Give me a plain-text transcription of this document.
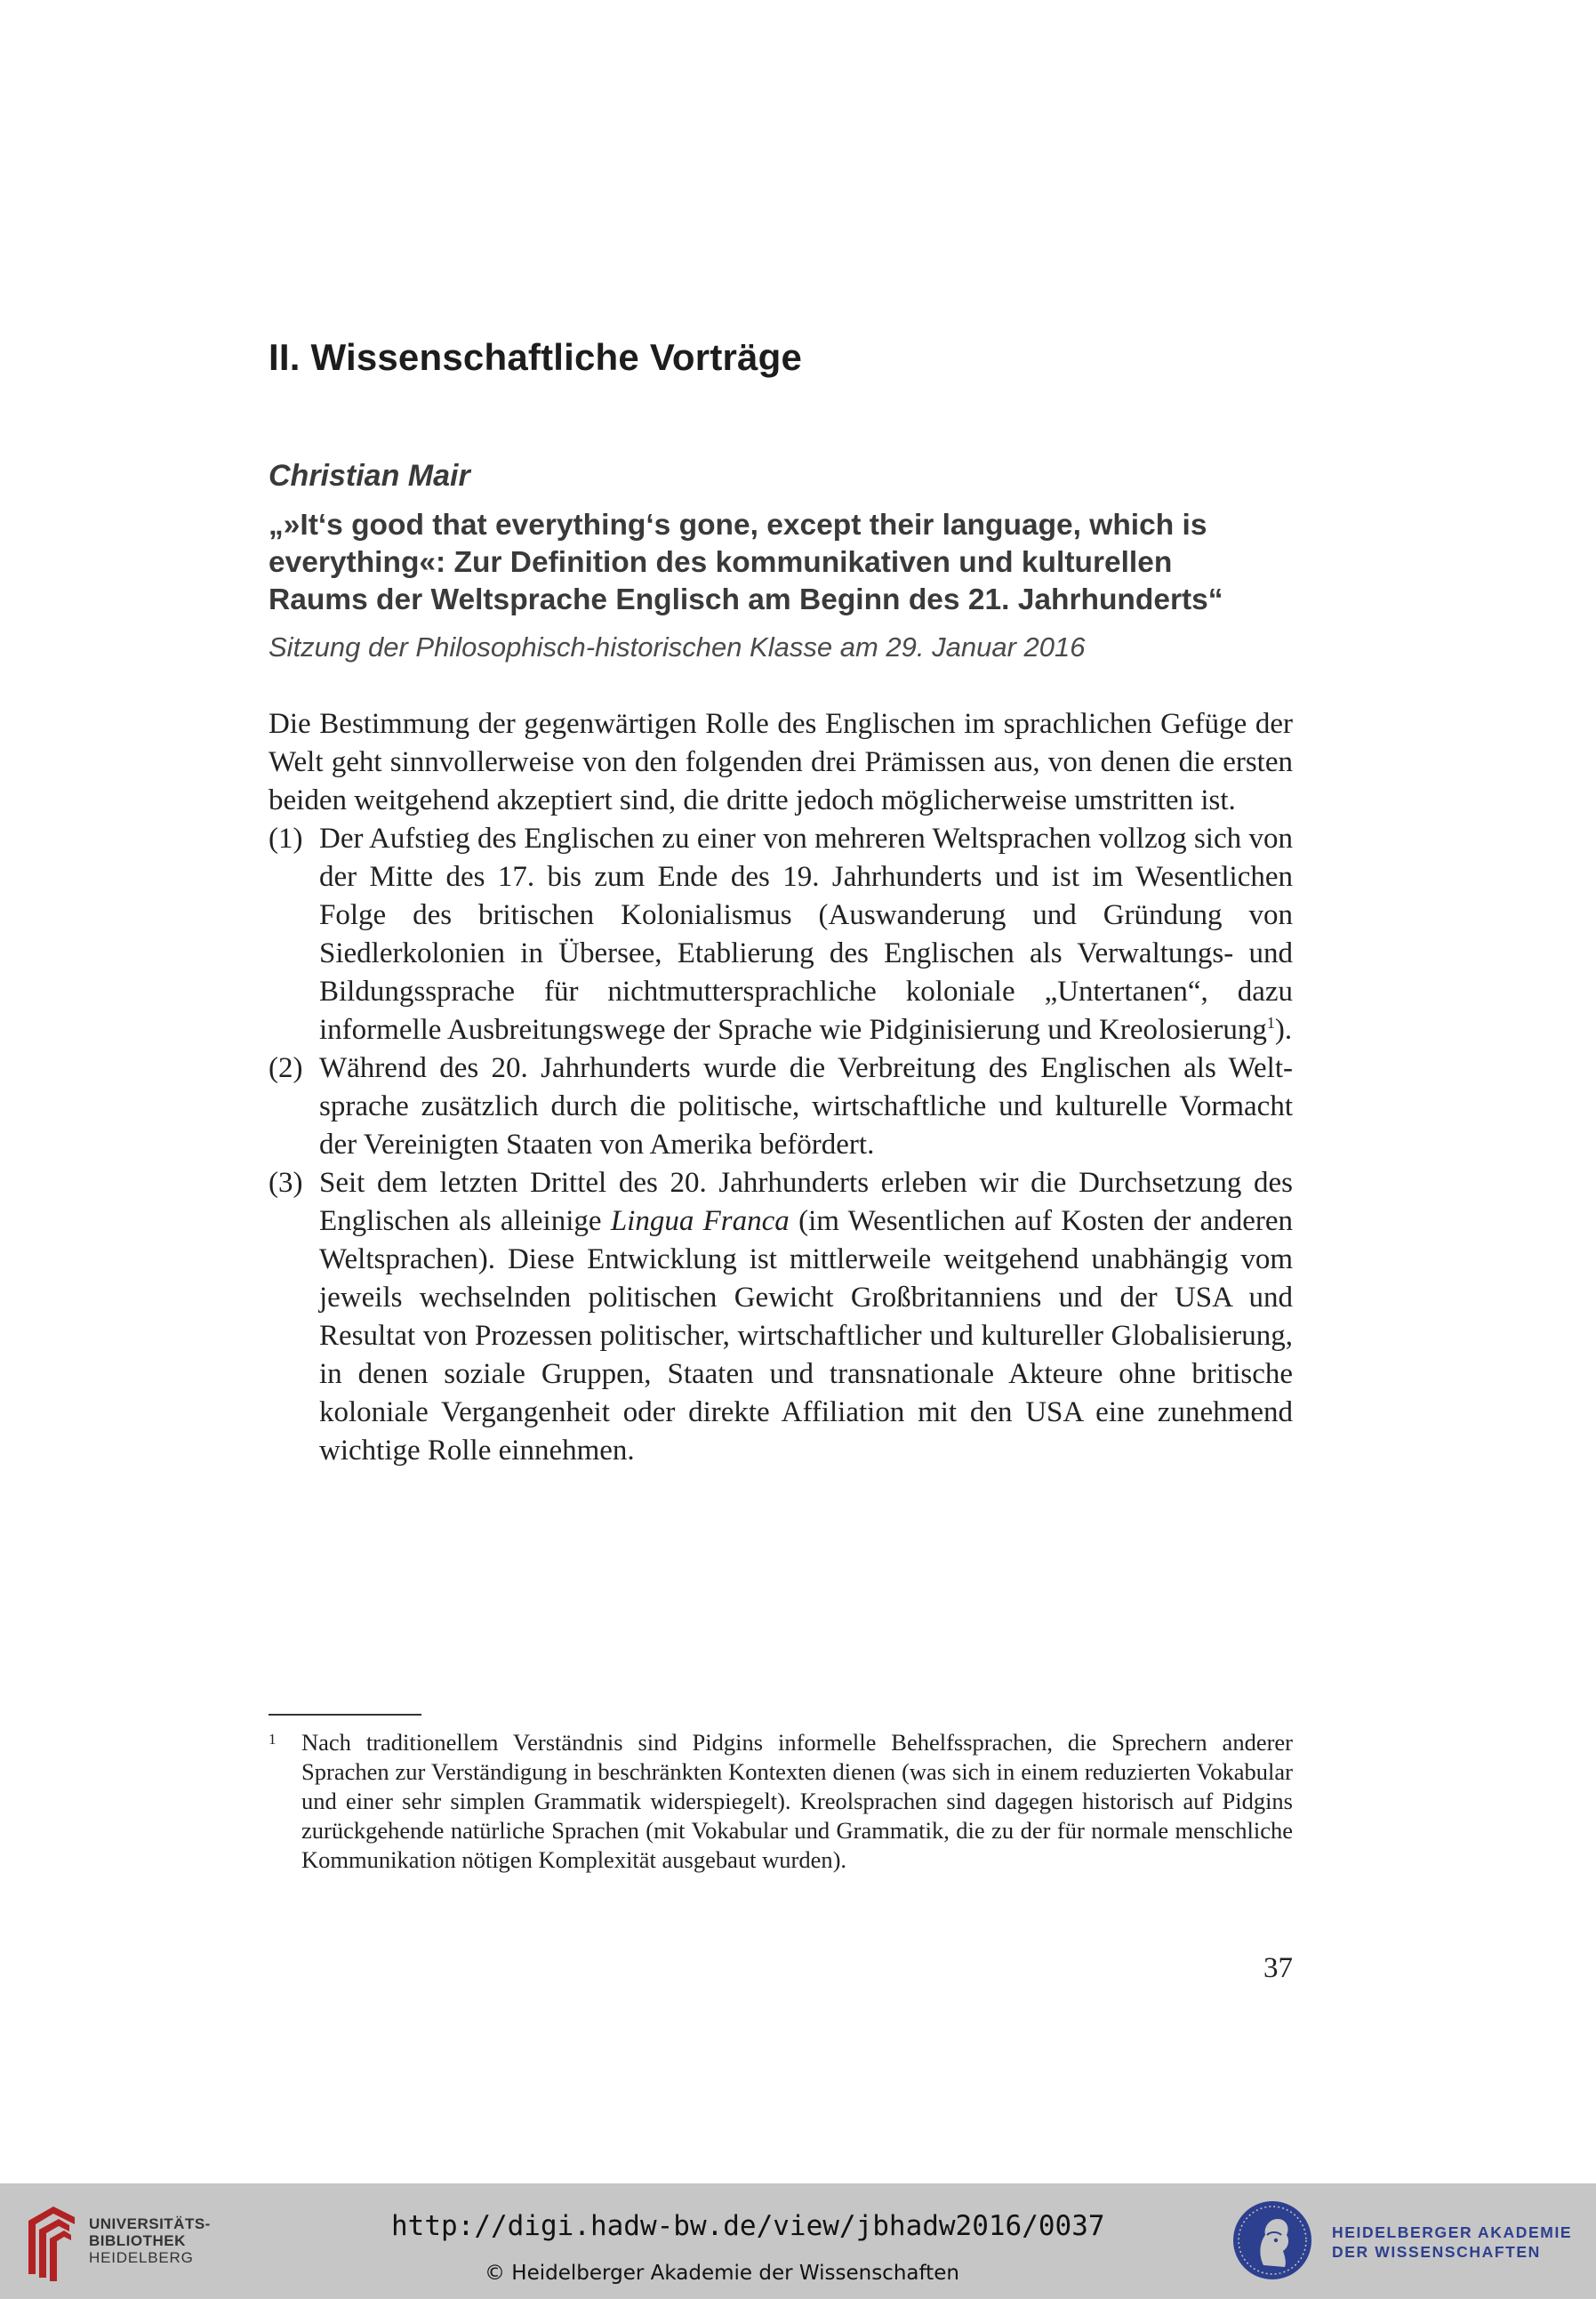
II. Wissenschaftliche Vorträge
Christian Mair
„»It‘s good that everything‘s gone, except their language, which is
everything«: Zur Definition des kommunikativen und kulturellen
Raums der Weltsprache Englisch am Beginn des 21. Jahrhunderts“

Sitzung der Philosophisch-historischen Klasse am 29. Januar 2016

Die Bestimmung der gegenwärtigen Rolle des Englischen im sprachlichen Gefüge der Welt geht sinnvollerweise von den folgenden drei Prämissen aus, von denen die ersten beiden weitgehend akzeptiert sind, die dritte jedoch möglicherweise umstritten ist.

(1) Der Aufstieg des Englischen zu einer von mehreren Weltsprachen vollzog sich von der Mitte des 17. bis zum Ende des 19. Jahrhunderts und ist im Wesentlichen Folge des britischen Kolonialismus (Auswanderung und Gründung von Siedlerkolonien in Übersee, Etablierung des Englischen als Verwaltungs- und Bildungssprache für nichtmuttersprachliche koloniale „Untertanen“, dazu informelle Ausbreitungswege der Sprache wie Pidginisierung und Kreolosierung$^1$).
(2) Während des 20. Jahrhunderts wurde die Verbreitung des Englischen als Weltsprache zusätzlich durch die politische, wirtschaftliche und kulturelle Vormacht der Vereinigten Staaten von Amerika befördert.
(3) Seit dem letzten Drittel des 20. Jahrhunderts erleben wir die Durchsetzung des Englischen als alleinige Lingua Franca (im Wesentlichen auf Kosten der anderen Weltsprachen). Diese Entwicklung ist mittlerweile weitgehend unabhängig vom jeweils wechselnden politischen Gewicht Großbritanniens und der USA und Resultat von Prozessen politischer, wirtschaftlicher und kultureller Globalisierung, in denen soziale Gruppen, Staaten und transnationale Akteure ohne britische koloniale Vergangenheit oder direkte Affiliation mit den USA eine zunehmend wichtige Rolle einnehmen.
1	Nach traditionellem Verständnis sind Pidgins informelle Behelfssprachen, die Sprechern anderer Sprachen zur Verständigung in beschränkten Kontexten dienen (was sich in einem reduzierten Vokabular und einer sehr simplen Grammatik widerspiegelt). Kreolsprachen sind dagegen historisch auf Pidgins zurückgehende natürliche Sprachen (mit Vokabular und Grammatik, die zu der für normale menschliche Kommunikation nötigen Komplexität ausgebaut wurden).
37
UNIVERSITÄTS-
BIBLIOTHEK
HEIDELBERG
http://digi.hadw-bw.de/view/jbhadw2016/0037
© Heidelberger Akademie der Wissenschaften
HEIDELBERGER AKADEMIE
DER WISSENSCHAFTEN
